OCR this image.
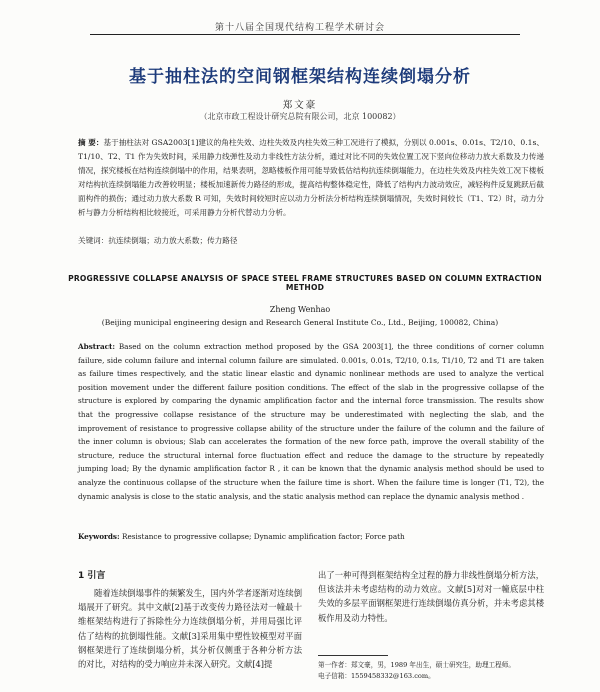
第十八届全国现代结构工程学术研讨会
基于抽柱法的空间钢框架结构连续倒塌分析
郑文豪
（北京市政工程设计研究总院有限公司，北京 100082）
摘 要：基于抽柱法对 GSA2003[1]建议的角柱失效、边柱失效及内柱失效三种工况进行了模拟，分别以 0.001s、0.01s、T2/10、0.1s、T1/10、T2、T1 作为失效时间，采用静力线弹性及动力非线性方法分析，通过对比不同的失效位置工况下竖向位移动力放大系数及力传递情况，探究楼板在结构连续倒塌中的作用，结果表明，忽略楼板作用可能导致低估结构抗连续倒塌能力，在边柱失效及内柱失效工况下楼板对结构抗连续倒塌能力改善较明显；楼板加速新传力路径的形成，提高结构整体稳定性，降低了结构内力波动效应，减轻构件反复跳跃后截面构件的损伤；通过动力放大系数 R 可知，失效时间较短时应以动力分析法分析结构连续倒塌情况，失效时间较长（T1、T2）时，动力分析与静力分析结构相比较接近，可采用静力分析代替动力分析。
关键词：抗连续倒塌；动力放大系数；传力路径
PROGRESSIVE COLLAPSE ANALYSIS OF SPACE STEEL FRAME STRUCTURES BASED ON COLUMN EXTRACTION METHOD
Zheng Wenhao
(Beijing municipal engineering design and Research General Institute Co., Ltd., Beijing, 100082, China)
Abstract: Based on the column extraction method proposed by the GSA 2003[1], the three conditions of corner column failure, side column failure and internal column failure are simulated. 0.001s, 0.01s, T2/10, 0.1s, T1/10, T2 and T1 are taken as failure times respectively, and the static linear elastic and dynamic nonlinear methods are used to analyze the vertical position movement under the different failure position conditions. The effect of the slab in the progressive collapse of the structure is explored by comparing the dynamic amplification factor and the internal force transmission. The results show that the progressive collapse resistance of the structure may be underestimated with neglecting the slab, and the improvement of resistance to progressive collapse ability of the structure under the failure of the column and the failure of the inner column is obvious; Slab can accelerates the formation of the new force path, improve the overall stability of the structure, reduce the structural internal force fluctuation effect and reduce the damage to the structure by repeatedly jumping load; By the dynamic amplification factor R , it can be known that the dynamic analysis method should be used to analyze the continuous collapse of the structure when the failure time is short. When the failure time is longer (T1, T2), the dynamic analysis is close to the static analysis, and the static analysis method can replace the dynamic analysis method .
Keywords: Resistance to progressive collapse; Dynamic amplification factor; Force path
1 引言
随着连续倒塌事件的频繁发生，国内外学者逐渐对连续倒塌展开了研究。其中文献[2]基于改变传力路径法对一幢最十维框架结构进行了拆除性分力连续倒塌分析，并用局强比评估了结构的抗倒塌性能。文献[3]采用集中塑性铰模型对平面钢框架进行了连续倒塌分析，其分析仅侧重于各种分析方法的对比，对结构的受力响应并未深入研究。文献[4]提
出了一种可得到框架结构全过程的静力非线性倒塌分析方法，但该法并未考虑结构的动力效应。文献[5]对对一幢底层中柱失效的多层平面钢框架进行连续倒塌仿真分析，并未考虑其楼板作用及动力特性。
第一作者：郑文豪，男，1989 年出生，硕士研究生，助理工程师。
电子信箱：1559458332@163.com。
